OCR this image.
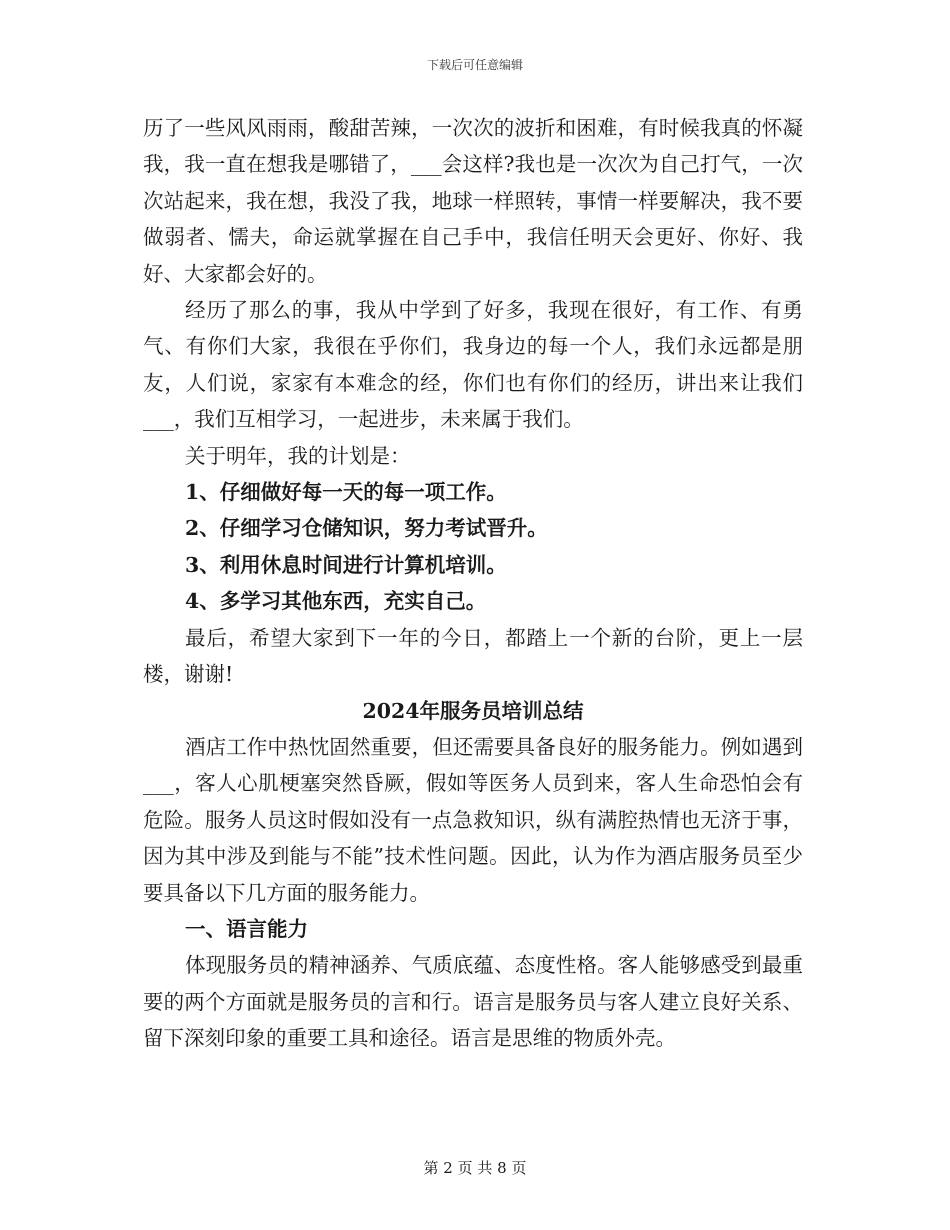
下载后可任意编辑

历了一些风风雨雨，酸甜苦辣，一次次的波折和困难，有时候我真的怀凝我，我一直在想我是哪错了，___会这样?我也是一次次为自己打气，一次次站起来，我在想，我没了我，地球一样照转，事情一样要解决，我不要做弱者、懦夫，命运就掌握在自己手中，我信任明天会更好、你好、我好、大家都会好的。

经历了那么的事，我从中学到了好多，我现在很好，有工作、有勇气、有你们大家，我很在乎你们，我身边的每一个人，我们永远都是朋友，人们说，家家有本难念的经，你们也有你们的经历，讲出来让我们___，我们互相学习，一起进步，未来属于我们。

关于明年，我的计划是：

1、仔细做好每一天的每一项工作。

2、仔细学习仓储知识，努力考试晋升。

3、利用休息时间进行计算机培训。

4、多学习其他东西，充实自己。

最后，希望大家到下一年的今日，都踏上一个新的台阶，更上一层楼，谢谢!

2024年服务员培训总结

酒店工作中热忱固然重要，但还需要具备良好的服务能力。例如遇到___，客人心肌梗塞突然昏厥，假如等医务人员到来，客人生命恐怕会有危险。服务人员这时假如没有一点急救知识，纵有满腔热情也无济于事，因为其中涉及到能与不能”技术性问题。因此，认为作为酒店服务员至少要具备以下几方面的服务能力。

一、语言能力

体现服务员的精神涵养、气质底蕴、态度性格。客人能够感受到最重要的两个方面就是服务员的言和行。语言是服务员与客人建立良好关系、留下深刻印象的重要工具和途径。语言是思维的物质外壳。

第 2 页 共 8 页
